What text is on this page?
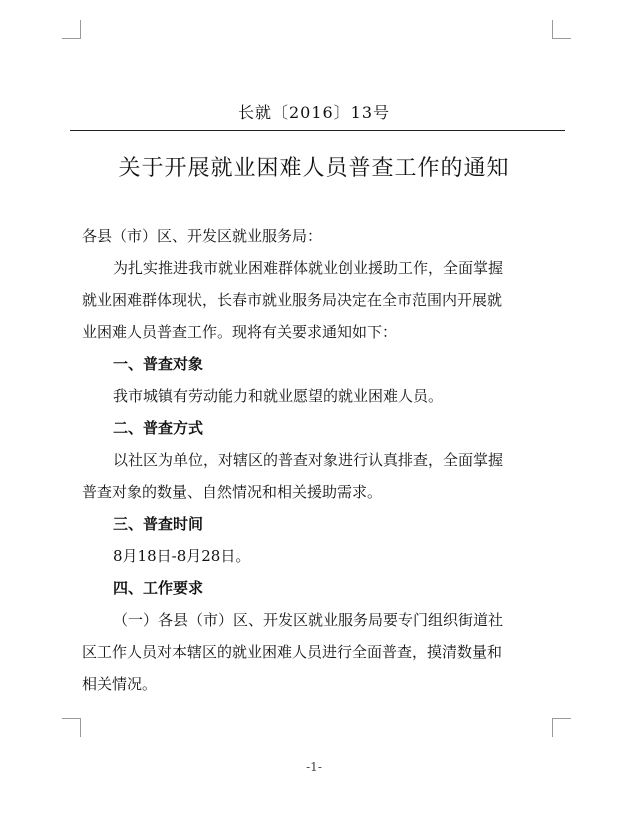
长就〔2016〕13号
关于开展就业困难人员普查工作的通知
各县（市）区、开发区就业服务局：
为扎实推进我市就业困难群体就业创业援助工作，全面掌握
就业困难群体现状，长春市就业服务局决定在全市范围内开展就
业困难人员普查工作。现将有关要求通知如下：
一、普查对象
我市城镇有劳动能力和就业愿望的就业困难人员。
二、普查方式
以社区为单位，对辖区的普查对象进行认真排查，全面掌握
普查对象的数量、自然情况和相关援助需求。
三、普查时间
8月18日-8月28日。
四、工作要求
（一）各县（市）区、开发区就业服务局要专门组织街道社
区工作人员对本辖区的就业困难人员进行全面普查，摸清数量和
相关情况。
-1-
